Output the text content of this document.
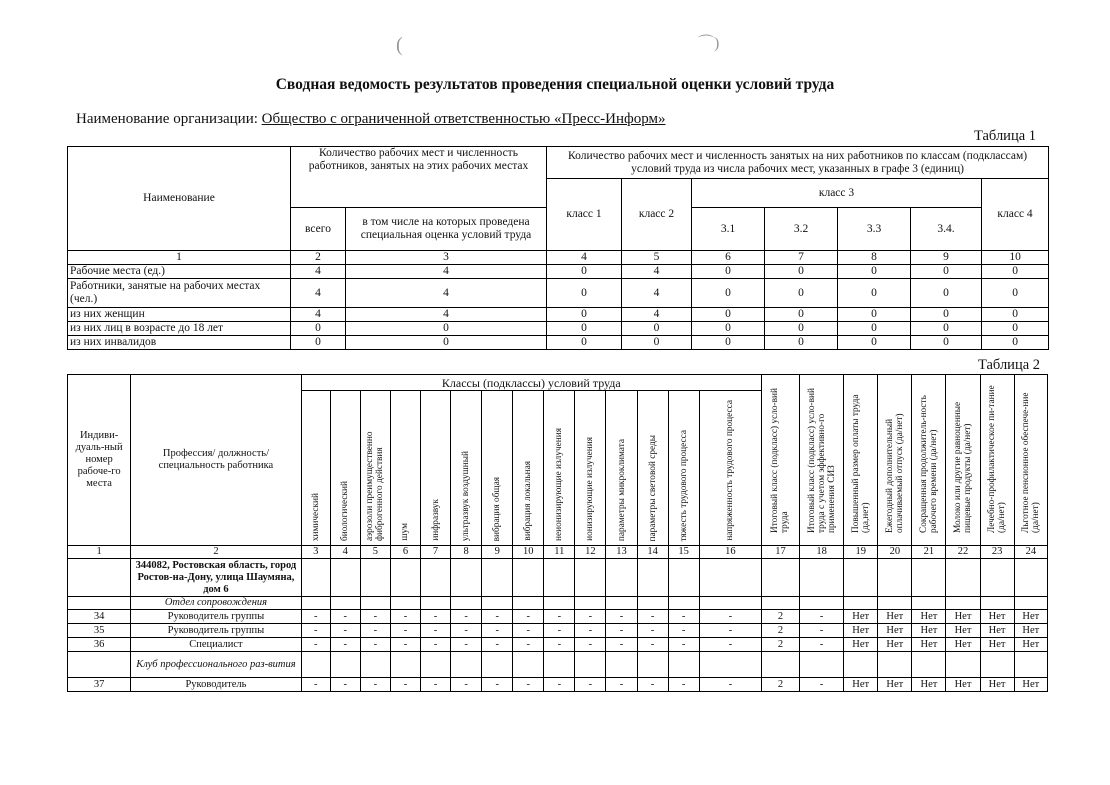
(	⌒)
Сводная ведомость результатов проведения специальной оценки условий труда
Наименование организации: Общество с ограниченной ответственностью «Пресс-Информ»
Таблица 1
Наименование	Количество рабочих мест и численность работников, занятых на этих рабочих местах		Количество рабочих мест и численность занятых на них работников по классам (подклассам) условий труда из числа рабочих мест, указанных в графе 3 (единиц)						
			класс 1	класс 2	класс 3				класс 4
	всего	в том числе на которых проведена специальная оценка условий труда			3.1	3.2	3.3	3.4.	
1	2	3	4	5	6	7	8	9	10
Рабочие места (ед.)	4	4	0	4	0	0	0	0	0
Работники, занятые на рабочих местах (чел.)	4	4	0	4	0	0	0	0	0
из них женщин	4	4	0	4	0	0	0	0	0
из них лиц в возрасте до 18 лет	0	0	0	0	0	0	0	0	0
из них инвалидов	0	0	0	0	0	0	0	0	0
Таблица 2
Индиви-дуаль-ный номер рабоче-го места	Профессия/ должность/ специальность работника	Классы (подклассы) условий труда														Итоговый класс (подкласс) усло-вий труда	Итоговый класс (подкласс) усло-вий труда с учетом эффективно-го применения СИЗ	Повышенный размер оплаты труда (да,нет)	Ежегодный дополнительный оплачиваемый отпуск (да/нет)	Сокращенная продолжитель-ность рабочего времени (да/нет)	Молоко или другие равноценные пищевые продукты (да/нет)	Лечебно-профилактическое пи-тание (да/нет)	Льготное пенсионное обеспече-ние (да/нет)
		химический	биологический	аэрозоли преимущественно фиброгенного действия	шум	инфразвук	ультразвук воздушный	вибрация общая	вибрация локальная	неионизирующие излучения	ионизирующие излучения	параметры микроклимата	параметры световой среды	тяжесть трудового процесса	напряженность трудового процесса								
1	2	3	4	5	6	7	8	9	10	11	12	13	14	15	16	17	18	19	20	21	22	23	24
	344082, Ростовская область, город Ростов-на-Дону, улица Шаумяна, дом 6																						
	Отдел сопровождения																						
34	Руководитель группы	-	-	-	-	-	-	-	-	-	-	-	-	-	-	2	-	Нет	Нет	Нет	Нет	Нет	Нет
35	Руководитель группы	-	-	-	-	-	-	-	-	-	-	-	-	-	-	2	-	Нет	Нет	Нет	Нет	Нет	Нет
36	Специалист	-	-	-	-	-	-	-	-	-	-	-	-	-	-	2	-	Нет	Нет	Нет	Нет	Нет	Нет
	Клуб профессионального раз-вития																						
37	Руководитель	-	-	-	-	-	-	-	-	-	-	-	-	-	-	2	-	Нет	Нет	Нет	Нет	Нет	Нет
